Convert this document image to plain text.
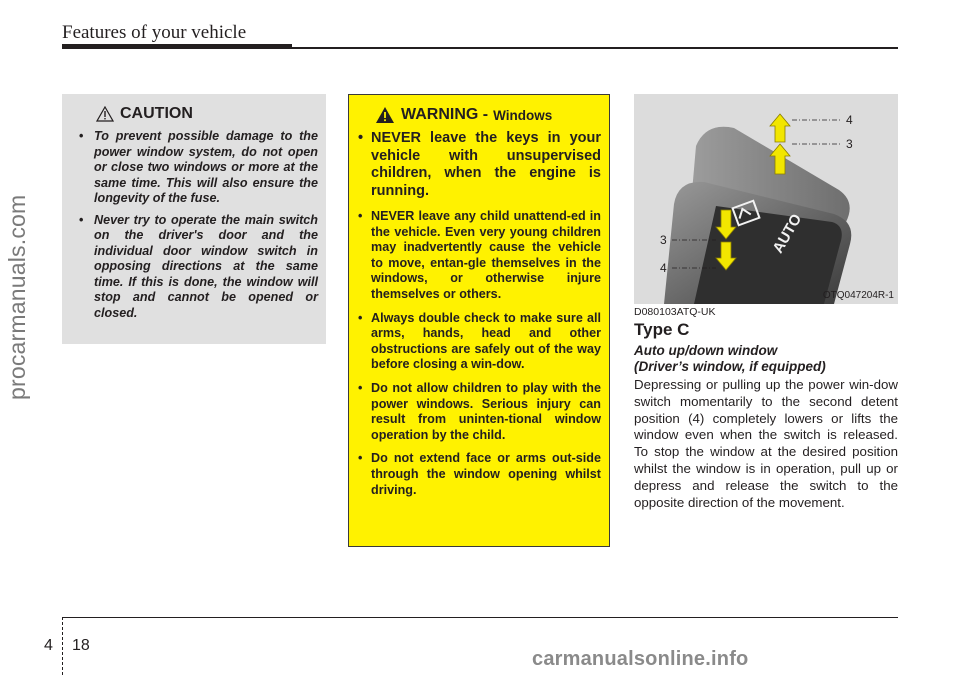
Features of your vehicle
procarmanuals.com
CAUTION
• To prevent possible damage to the power window system, do not open or close two windows or more at the same time. This will also ensure the longevity of the fuse.
• Never try to operate the main switch on the driver's door and the individual door window switch in opposing directions at the same time. If this is done, the window will stop and cannot be opened or closed.
WARNING - Windows
• NEVER leave the keys in your vehicle with unsupervised children, when the engine is running.
• NEVER leave any child unattend-ed in the vehicle. Even very young children may inadvertently cause the vehicle to move, entan-gle themselves in the windows, or otherwise injure themselves or others.
• Always double check to make sure all arms, hands, head and other obstructions are safely out of the way before closing a win-dow.
• Do not allow children to play with the power windows. Serious injury can result from uninten-tional window operation by the child.
• Do not extend face or arms out-side through the window opening whilst driving.
AUTO
4
3
3
4
OTQ047204R-1
D080103ATQ-UK
Type C
Auto up/down window
(Driver’s window, if equipped)
Depressing or pulling up the power win-dow switch momentarily to the second detent position (4) completely lowers or lifts the window even when the switch is released. To stop the window at the desired position whilst the window is in operation, pull up or depress and release the switch to the opposite direction of the movement.
4 18
carmanualsonline.info
